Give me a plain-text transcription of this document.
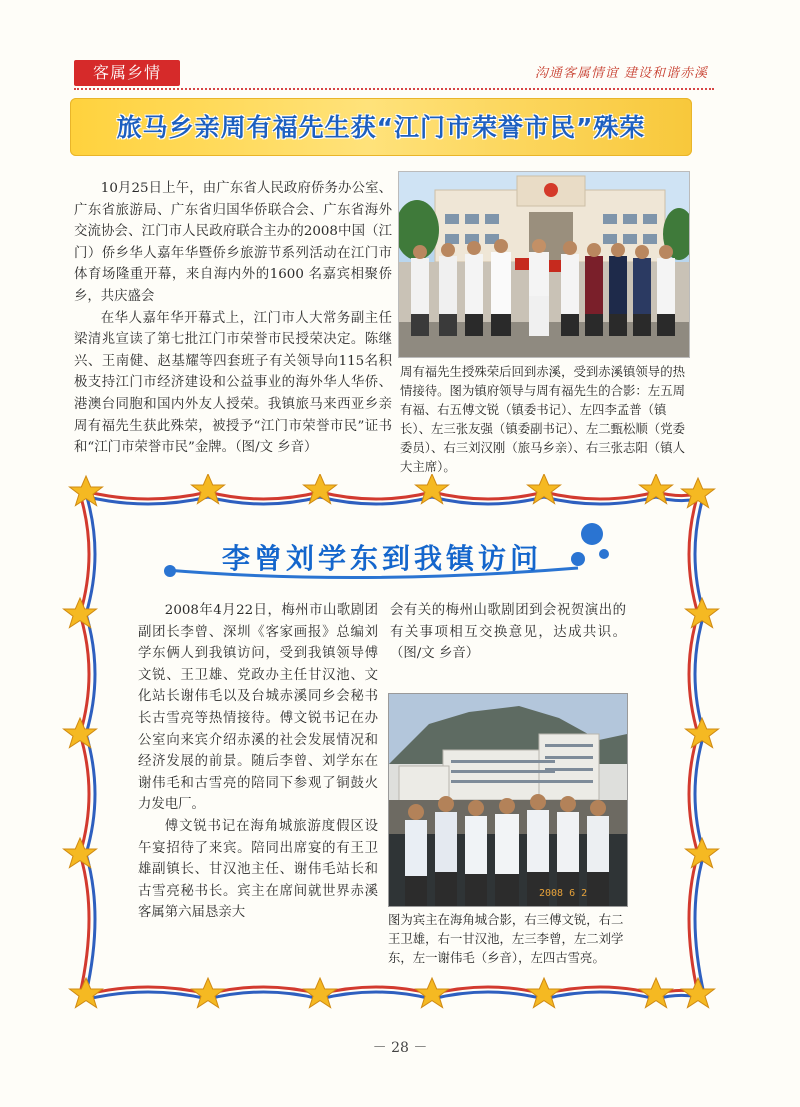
客属乡情	沟通客属情谊 建设和谐赤溪
旅马乡亲周有福先生获“江门市荣誉市民”殊荣

10月25日上午，由广东省人民政府侨务办公室、广东省旅游局、广东省归国华侨联合会、广东省海外交流协会、江门市人民政府联合主办的2008中国（江门）侨乡华人嘉年华暨侨乡旅游节系列活动在江门市体育场隆重开幕，来自海内外的1600 名嘉宾相聚侨乡，共庆盛会

在华人嘉年华开幕式上，江门市人大常务副主任梁清兆宣读了第七批江门市荣誉市民授荣决定。陈继兴、王南健、赵基耀等四套班子有关领导向115名积极支持江门市经济建设和公益事业的海外华人华侨、港澳台同胞和国内外友人授荣。我镇旅马来西亚乡亲周有福先生获此殊荣，被授予“江门市荣誉市民”证书和“江门市荣誉市民”金牌。（图/文 乡音）

周有福先生授殊荣后回到赤溪，受到赤溪镇领导的热情接待。图为镇府领导与周有福先生的合影：左五周有福、右五傅文锐（镇委书记）、左四李孟普（镇长）、左三张友强（镇委副书记）、左二甄松顺（党委委员）、右三刘汉刚（旅马乡亲）、右三张志阳（镇人大主席）。
李曾刘学东到我镇访问

2008年4月22日，梅州市山歌剧团副团长李曾、深圳《客家画报》总编刘学东俩人到我镇访问，受到我镇领导傅文锐、王卫雄、党政办主任甘汉池、文化站长谢伟毛以及台城赤溪同乡会秘书长古雪亮等热情接待。傅文锐书记在办公室向来宾介绍赤溪的社会发展情况和经济发展的前景。随后李曾、刘学东在谢伟毛和古雪亮的陪同下参观了铜鼓火力发电厂。

傅文锐书记在海角城旅游度假区设午宴招待了来宾。陪同出席宴的有王卫雄副镇长、甘汉池主任、谢伟毛站长和古雪亮秘书长。宾主在席间就世界赤溪客属第六届恳亲大

会有关的梅州山歌剧团到会祝贺演出的有关事项相互交换意见，达成共识。（图/文 乡音）

2008 6 2
图为宾主在海角城合影，右三傅文锐，右二王卫雄，右一甘汉池，左三李曾，左二刘学东，左一谢伟毛（乡音），左四古雪亮。
－ 28 －
